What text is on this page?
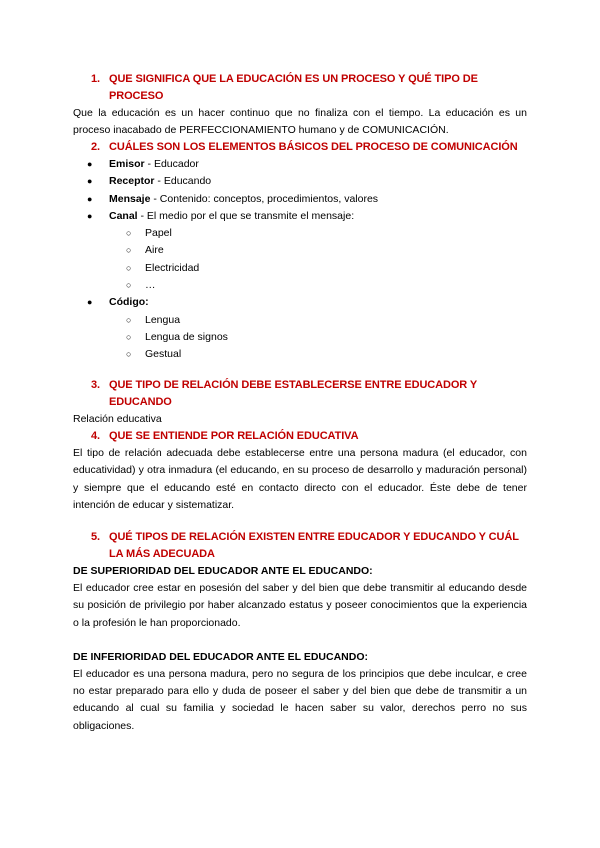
1. QUE SIGNIFICA QUE LA EDUCACIÓN ES UN PROCESO Y QUÉ TIPO DE PROCESO

Que la educación es un hacer continuo que no finaliza con el tiempo. La educación es un proceso inacabado de PERFECCIONAMIENTO humano y de COMUNICACIÓN.

2. CUÁLES SON LOS ELEMENTOS BÁSICOS DEL PROCESO DE COMUNICACIÓN

● Emisor - Educador
● Receptor - Educando
● Mensaje - Contenido: conceptos, procedimientos, valores
● Canal - El medio por el que se transmite el mensaje:
○ Papel
○ Aire
○ Electricidad
○ …
● Código:
○ Lengua
○ Lengua de signos
○ Gestual

3. QUE TIPO DE RELACIÓN DEBE ESTABLECERSE ENTRE EDUCADOR Y EDUCANDO

Relación educativa

4. QUE SE ENTIENDE POR RELACIÓN EDUCATIVA

El tipo de relación adecuada debe establecerse entre una persona madura (el educador, con educatividad) y otra inmadura (el educando, en su proceso de desarrollo y maduración personal) y siempre que el educando esté en contacto directo con el educador. Éste debe de tener intención de educar y sistematizar.

5. QUÉ TIPOS DE RELACIÓN EXISTEN ENTRE EDUCADOR Y EDUCANDO Y CUÁL LA MÁS ADECUADA

DE SUPERIORIDAD DEL EDUCADOR ANTE EL EDUCANDO:

El educador cree estar en posesión del saber y del bien que debe transmitir al educando desde su posición de privilegio por haber alcanzado estatus y poseer conocimientos que la experiencia o la profesión le han proporcionado.

DE INFERIORIDAD DEL EDUCADOR ANTE EL EDUCANDO:

El educador es una persona madura, pero no segura de los principios que debe inculcar, e cree no estar preparado para ello y duda de poseer el saber y del bien que debe de transmitir a un educando al cual su familia y sociedad le hacen saber su valor, derechos perro no sus obligaciones.
